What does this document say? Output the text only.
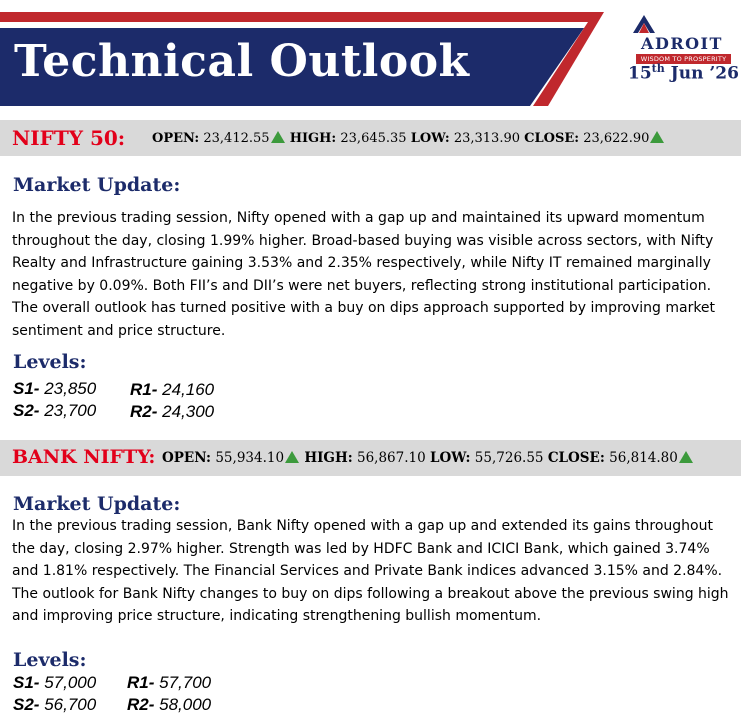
Technical Outlook	ADROIT
WISDOM TO PROSPERITY
15th Jun ’26
NIFTY 50: OPEN: 23,412.55 HIGH: 23,645.35 LOW: 23,313.90 CLOSE: 23,622.90
Market Update:
In the previous trading session, Nifty opened with a gap up and maintained its upward momentum throughout the day, closing 1.99% higher. Broad-based buying was visible across sectors, with Nifty Realty and Infrastructure gaining 3.53% and 2.35% respectively, while Nifty IT remained marginally negative by 0.09%. Both FII’s and DII’s were net buyers, reflecting strong institutional participation. The overall outlook has turned positive with a buy on dips approach supported by improving market sentiment and price structure.
Levels:
S1- 23,850 R1- 24,160
S2- 23,700 R2- 24,300
BANK NIFTY: OPEN: 55,934.10 HIGH: 56,867.10 LOW: 55,726.55 CLOSE: 56,814.80
Market Update:
In the previous trading session, Bank Nifty opened with a gap up and extended its gains throughout the day, closing 2.97% higher. Strength was led by HDFC Bank and ICICI Bank, which gained 3.74% and 1.81% respectively. The Financial Services and Private Bank indices advanced 3.15% and 2.84%. The outlook for Bank Nifty changes to buy on dips following a breakout above the previous swing high and improving price structure, indicating strengthening bullish momentum.
Levels:
S1- 57,000 R1- 57,700
S2- 56,700 R2- 58,000
